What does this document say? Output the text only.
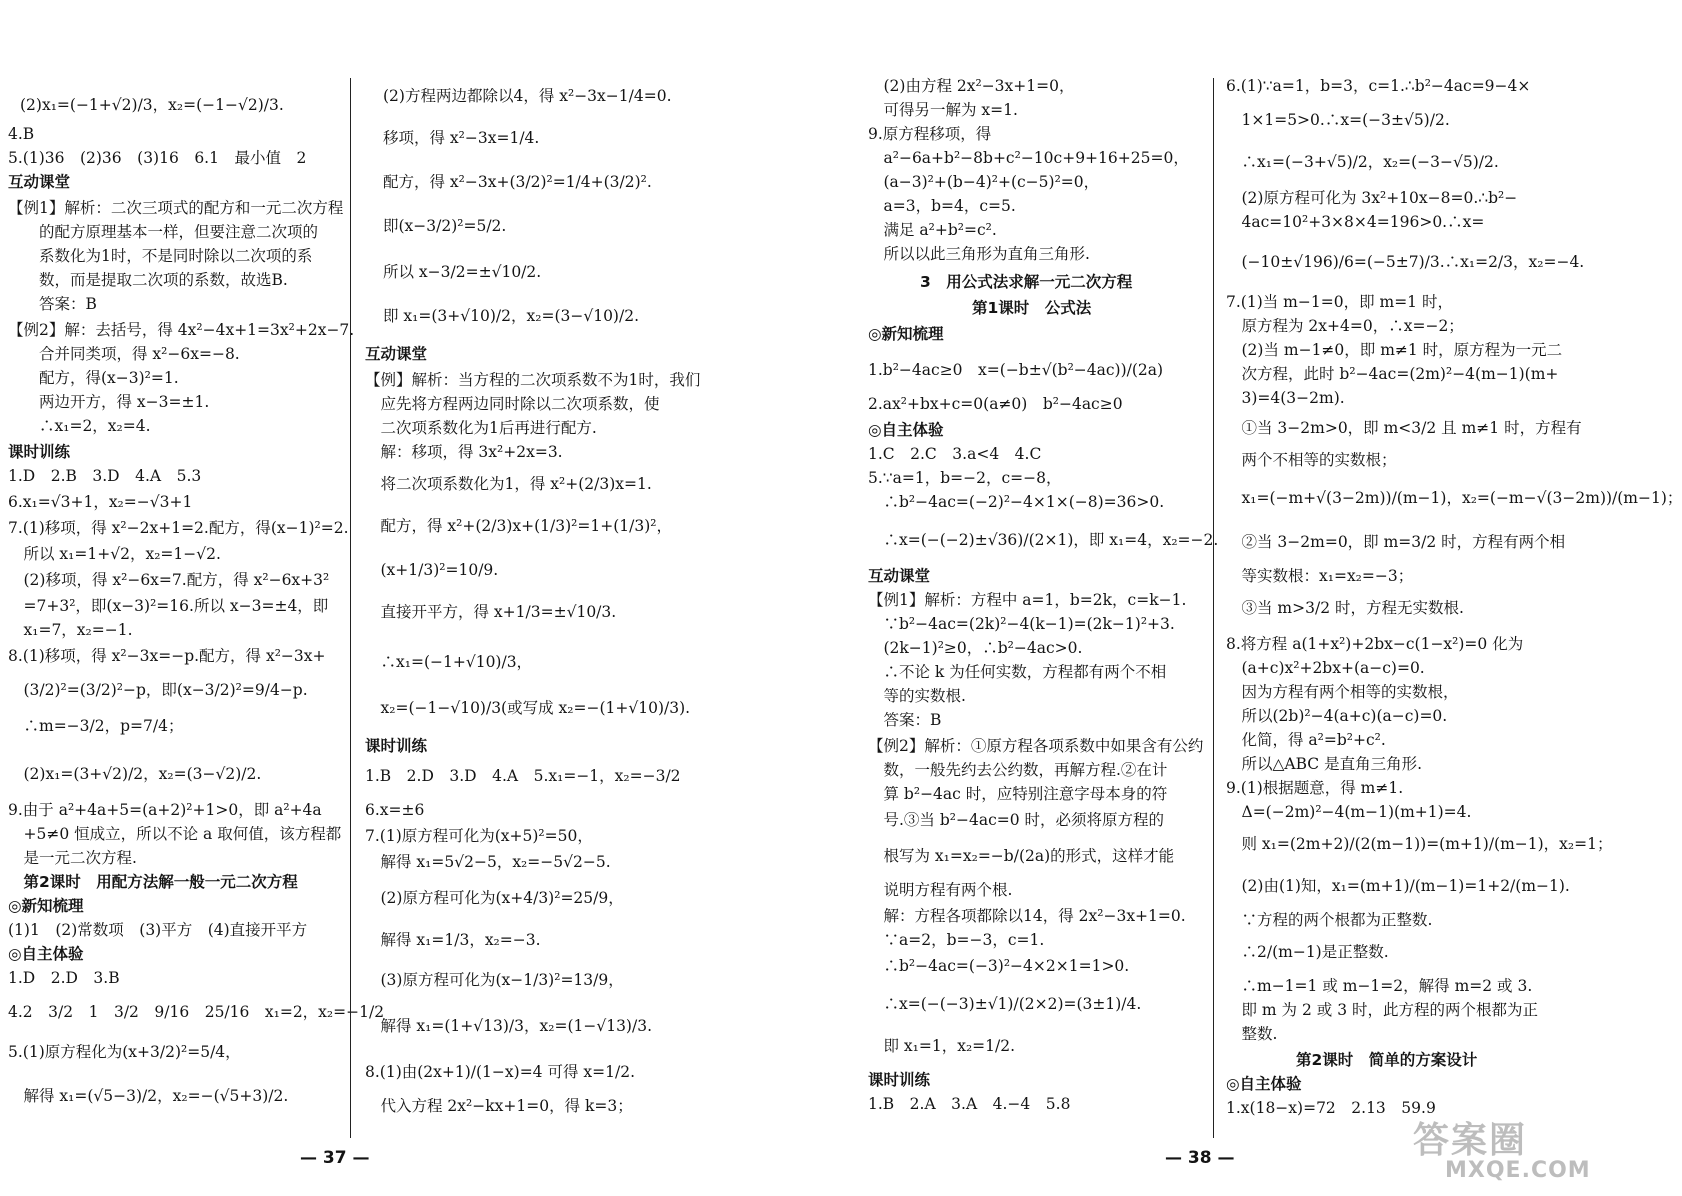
(2)x₁=(−1+√2)/3，x₂=(−1−√2)/3.
4.B
5.(1)36　(2)36　(3)16　6.1　最小值　2
互动课堂
【例1】解析：二次三项式的配方和一元二次方程
　　的配方原理基本一样，但要注意二次项的
　　系数化为1时，不是同时除以二次项的系
　　数，而是提取二次项的系数，故选B.
　　答案：B
【例2】解：去括号，得 4x²−4x+1=3x²+2x−7.
　　合并同类项，得 x²−6x=−8.
　　配方，得(x−3)²=1.
　　两边开方，得 x−3=±1.
　　∴x₁=2，x₂=4.
课时训练
1.D　2.B　3.D　4.A　5.3
6.x₁=√3+1，x₂=−√3+1
7.(1)移项，得 x²−2x+1=2.配方，得(x−1)²=2.
　所以 x₁=1+√2，x₂=1−√2.
　(2)移项，得 x²−6x=7.配方，得 x²−6x+3²
　=7+3²，即(x−3)²=16.所以 x−3=±4，即
　x₁=7，x₂=−1.
8.(1)移项，得 x²−3x=−p.配方，得 x²−3x+
　(3/2)²=(3/2)²−p，即(x−3/2)²=9/4−p.
　∴m=−3/2，p=7/4；
　(2)x₁=(3+√2)/2，x₂=(3−√2)/2.
9.由于 a²+4a+5=(a+2)²+1>0，即 a²+4a
　+5≠0 恒成立，所以不论 a 取何值，该方程都
　是一元二次方程.
　第2课时　用配方法解一般一元二次方程
◎新知梳理
(1)1　(2)常数项　(3)平方　(4)直接开平方
◎自主体验
1.D　2.D　3.B
4.2　3/2　1　3/2　9/16　25/16　x₁=2，x₂=−1/2
5.(1)原方程化为(x+3/2)²=5/4，
　解得 x₁=(√5−3)/2，x₂=−(√5+3)/2.
(2)方程两边都除以4，得 x²−3x−1/4=0.
移项，得 x²−3x=1/4.
配方，得 x²−3x+(3/2)²=1/4+(3/2)².
即(x−3/2)²=5/2.
所以 x−3/2=±√10/2.
即 x₁=(3+√10)/2，x₂=(3−√10)/2.
互动课堂
【例】解析：当方程的二次项系数不为1时，我们
　应先将方程两边同时除以二次项系数，使
　二次项系数化为1后再进行配方.
　解：移项，得 3x²+2x=3.
　将二次项系数化为1，得 x²+(2/3)x=1.
　配方，得 x²+(2/3)x+(1/3)²=1+(1/3)²，
　(x+1/3)²=10/9.
　直接开平方，得 x+1/3=±√10/3.
　∴x₁=(−1+√10)/3，
　x₂=(−1−√10)/3(或写成 x₂=−(1+√10)/3).
课时训练
1.B　2.D　3.D　4.A　5.x₁=−1，x₂=−3/2
6.x=±6
7.(1)原方程可化为(x+5)²=50，
　解得 x₁=5√2−5，x₂=−5√2−5.
　(2)原方程可化为(x+4/3)²=25/9，
　解得 x₁=1/3，x₂=−3.
　(3)原方程可化为(x−1/3)²=13/9，
　解得 x₁=(1+√13)/3，x₂=(1−√13)/3.
8.(1)由(2x+1)/(1−x)=4 可得 x=1/2.
　代入方程 2x²−kx+1=0，得 k=3；
— 37 —
　(2)由方程 2x²−3x+1=0，
　可得另一解为 x=1.
9.原方程移项，得
　a²−6a+b²−8b+c²−10c+9+16+25=0，
　(a−3)²+(b−4)²+(c−5)²=0，
　a=3，b=4，c=5.
　满足 a²+b²=c².
　所以以此三角形为直角三角形.
3　用公式法求解一元二次方程
第1课时　公式法
◎新知梳理
1.b²−4ac≥0　x=(−b±√(b²−4ac))/(2a)
2.ax²+bx+c=0(a≠0)　b²−4ac≥0
◎自主体验
1.C　2.C　3.a<4　4.C
5.∵a=1，b=−2，c=−8，
　∴b²−4ac=(−2)²−4×1×(−8)=36>0.
　∴x=(−(−2)±√36)/(2×1)，即 x₁=4，x₂=−2.
互动课堂
【例1】解析：方程中 a=1，b=2k，c=k−1.
　∵b²−4ac=(2k)²−4(k−1)=(2k−1)²+3.
　(2k−1)²≥0，∴b²−4ac>0.
　∴不论 k 为任何实数，方程都有两个不相
　等的实数根.
　答案：B
【例2】解析：①原方程各项系数中如果含有公约
　数，一般先约去公约数，再解方程.②在计
　算 b²−4ac 时，应特别注意字母本身的符
　号.③当 b²−4ac=0 时，必须将原方程的
　根写为 x₁=x₂=−b/(2a)的形式，这样才能
　说明方程有两个根.
　解：方程各项都除以14，得 2x²−3x+1=0.
　∵a=2，b=−3，c=1.
　∴b²−4ac=(−3)²−4×2×1=1>0.
　∴x=(−(−3)±√1)/(2×2)=(3±1)/4.
　即 x₁=1，x₂=1/2.
课时训练
1.B　2.A　3.A　4.−4　5.8
6.(1)∵a=1，b=3，c=1.∴b²−4ac=9−4×
　1×1=5>0.∴x=(−3±√5)/2.
　∴x₁=(−3+√5)/2，x₂=(−3−√5)/2.
　(2)原方程可化为 3x²+10x−8=0.∴b²−
　4ac=10²+3×8×4=196>0.∴x=
　(−10±√196)/6=(−5±7)/3.∴x₁=2/3，x₂=−4.
7.(1)当 m−1=0，即 m=1 时，
　原方程为 2x+4=0，∴x=−2；
　(2)当 m−1≠0，即 m≠1 时，原方程为一元二
　次方程，此时 b²−4ac=(2m)²−4(m−1)(m+
　3)=4(3−2m).
　①当 3−2m>0，即 m<3/2 且 m≠1 时，方程有
　两个不相等的实数根；
　x₁=(−m+√(3−2m))/(m−1)，x₂=(−m−√(3−2m))/(m−1)；
　②当 3−2m=0，即 m=3/2 时，方程有两个相
　等实数根：x₁=x₂=−3；
　③当 m>3/2 时，方程无实数根.
8.将方程 a(1+x²)+2bx−c(1−x²)=0 化为
　(a+c)x²+2bx+(a−c)=0.
　因为方程有两个相等的实数根，
　所以(2b)²−4(a+c)(a−c)=0.
　化简，得 a²=b²+c².
　所以△ABC 是直角三角形.
9.(1)根据题意，得 m≠1.
　Δ=(−2m)²−4(m−1)(m+1)=4.
　则 x₁=(2m+2)/(2(m−1))=(m+1)/(m−1)，x₂=1；
　(2)由(1)知，x₁=(m+1)/(m−1)=1+2/(m−1).
　∵方程的两个根都为正整数.
　∴2/(m−1)是正整数.
　∴m−1=1 或 m−1=2，解得 m=2 或 3.
　即 m 为 2 或 3 时，此方程的两个根都为正
　整数.
第2课时　简单的方案设计
◎自主体验
1.x(18−x)=72　2.13　59.9
— 38 —	答案圈
MXQE.COM
